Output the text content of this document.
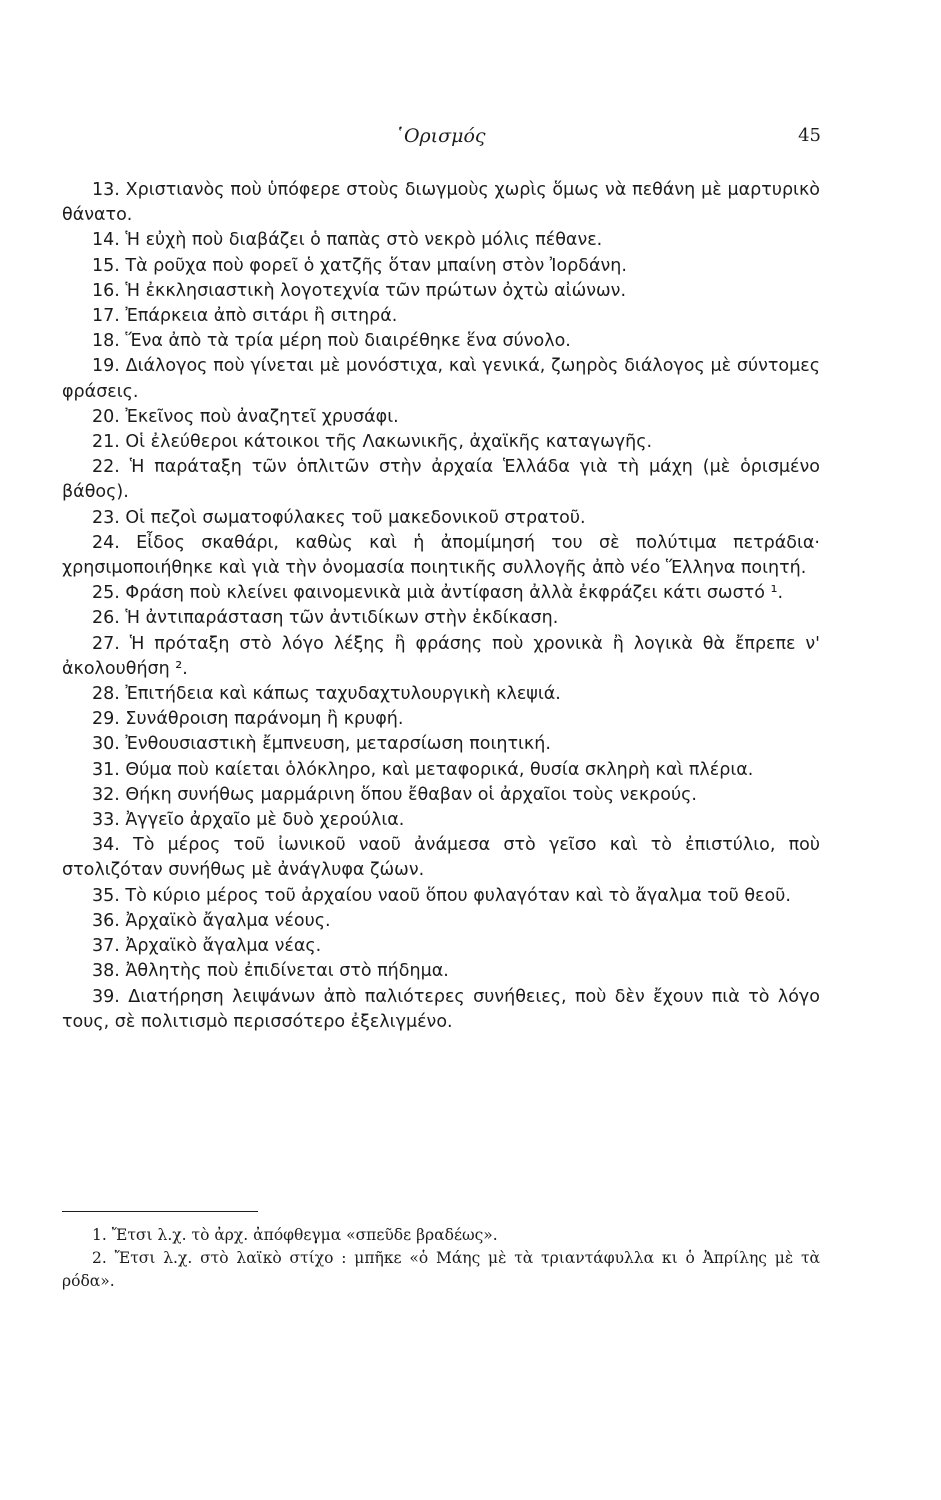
῾Ορισμός	45

13. Χριστιανὸς ποὺ ὑπόφερε στοὺς διωγμοὺς χωρὶς ὅμως νὰ πεθάνη μὲ μαρτυρικὸ θάνατο.

14. Ἡ εὐχὴ ποὺ διαβάζει ὁ παπὰς στὸ νεκρὸ μόλις πέθανε.

15. Τὰ ροῦχα ποὺ φορεῖ ὁ χατζῆς ὅταν μπαίνη στὸν Ἰορδάνη.

16. Ἡ ἐκκλησιαστικὴ λογοτεχνία τῶν πρώτων ὀχτὼ αἰώνων.

17. Ἐπάρκεια ἀπὸ σιτάρι ἢ σιτηρά.

18. Ἕνα ἀπὸ τὰ τρία μέρη ποὺ διαιρέθηκε ἕνα σύνολο.

19. Διάλογος ποὺ γίνεται μὲ μονόστιχα, καὶ γενικά, ζωηρὸς διάλογος μὲ σύντομες φράσεις.

20. Ἐκεῖνος ποὺ ἀναζητεῖ χρυσάφι.

21. Οἱ ἐλεύθεροι κάτοικοι τῆς Λακωνικῆς, ἀχαϊκῆς καταγωγῆς.

22. Ἡ παράταξη τῶν ὁπλιτῶν στὴν ἀρχαία Ἑλλάδα γιὰ τὴ μάχη (μὲ ὁρισμένο βάθος).

23. Οἱ πεζοὶ σωματοφύλακες τοῦ μακεδονικοῦ στρατοῦ.

24. Εἶδος σκαθάρι, καθὼς καὶ ἡ ἀπομίμησή του σὲ πολύτιμα πετράδια· χρησιμοποιήθηκε καὶ γιὰ τὴν ὀνομασία ποιητικῆς συλλογῆς ἀπὸ νέο Ἕλληνα ποιητή.

25. Φράση ποὺ κλείνει φαινομενικὰ μιὰ ἀντίφαση ἀλλὰ ἐκφράζει κάτι σωστό ¹.

26. Ἡ ἀντιπαράσταση τῶν ἀντιδίκων στὴν ἐκδίκαση.

27. Ἡ πρόταξη στὸ λόγο λέξης ἢ φράσης ποὺ χρονικὰ ἢ λογικὰ θὰ ἔπρεπε ν' ἀκολουθήση ².

28. Ἐπιτήδεια καὶ κάπως ταχυδαχτυλουργικὴ κλεψιά.

29. Συνάθροιση παράνομη ἢ κρυφή.

30. Ἐνθουσιαστικὴ ἔμπνευση, μεταρσίωση ποιητική.

31. Θύμα ποὺ καίεται ὁλόκληρο, καὶ μεταφορικά, θυσία σκληρὴ καὶ πλέρια.

32. Θήκη συνήθως μαρμάρινη ὅπου ἔθαβαν οἱ ἀρχαῖοι τοὺς νεκρούς.

33. Ἀγγεῖο ἀρχαῖο μὲ δυὸ χερούλια.

34. Τὸ μέρος τοῦ ἰωνικοῦ ναοῦ ἀνάμεσα στὸ γεῖσο καὶ τὸ ἐπιστύλιο, ποὺ στολιζόταν συνήθως μὲ ἀνάγλυφα ζώων.

35. Τὸ κύριο μέρος τοῦ ἀρχαίου ναοῦ ὅπου φυλαγόταν καὶ τὸ ἄγαλμα τοῦ θεοῦ.

36. Ἀρχαϊκὸ ἄγαλμα νέους.

37. Ἀρχαϊκὸ ἄγαλμα νέας.

38. Ἀθλητὴς ποὺ ἐπιδίνεται στὸ πήδημα.

39. Διατήρηση λειψάνων ἀπὸ παλιότερες συνήθειες, ποὺ δὲν ἔχουν πιὰ τὸ λόγο τους, σὲ πολιτισμὸ περισσότερο ἐξελιγμένο.

1. Ἔτσι λ.χ. τὸ ἀρχ. ἀπόφθεγμα «σπεῦδε βραδέως».

2. Ἔτσι λ.χ. στὸ λαϊκὸ στίχο : μπῆκε «ὁ Μάης μὲ τὰ τριαντάφυλλα κι ὁ Ἀπρίλης μὲ τὰ ρόδα».
